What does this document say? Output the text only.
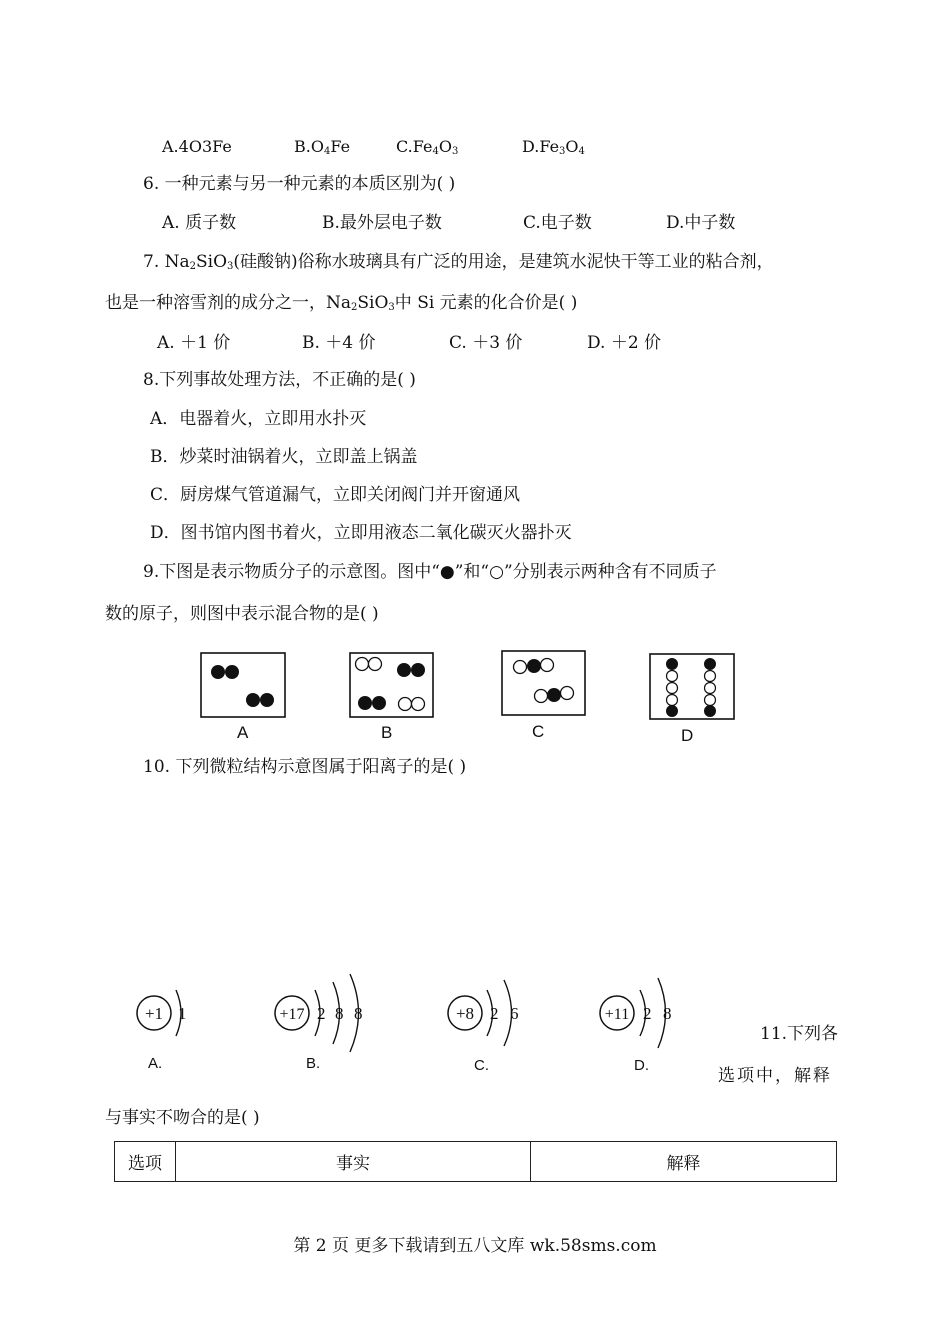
A.4O3Fe	$B.O_4Fe$	$C.Fe_4O_3$	$D.Fe_3O_4$
6. 一种元素与另一种元素的本质区别为( )
A. 质子数	B.最外层电子数	C.电子数	D.中子数
7. $Na_2SiO_3$(硅酸钠)俗称水玻璃具有广泛的用途，是建筑水泥快干等工业的粘合剂，
也是一种溶雪剂的成分之一，$Na_2SiO_3$中 Si 元素的化合价是( )
A. ＋1 价	B. ＋4 价	C. ＋3 价	D. ＋2 价
8.下列事故处理方法，不正确的是( )
A．电器着火，立即用水扑灭
B．炒菜时油锅着火，立即盖上锅盖
C．厨房煤气管道漏气，立即关闭阀门并开窗通风
D．图书馆内图书着火，立即用液态二氧化碳灭火器扑灭
9.下图是表示物质分子的示意图。图中“●”和“○”分别表示两种含有不同质子
数的原子，则图中表示混合物的是( )
A	B	C	D
10. 下列微粒结构示意图属于阳离子的是( )
+1 1	+17 2 8 8	+8 2 6	+11 2 8
A.	B.	C.	D.
11.下列各
选项中，解释
与事实不吻合的是( )
选项	事实	解释
第 2 页 更多下载请到五八文库 wk.58sms.com
